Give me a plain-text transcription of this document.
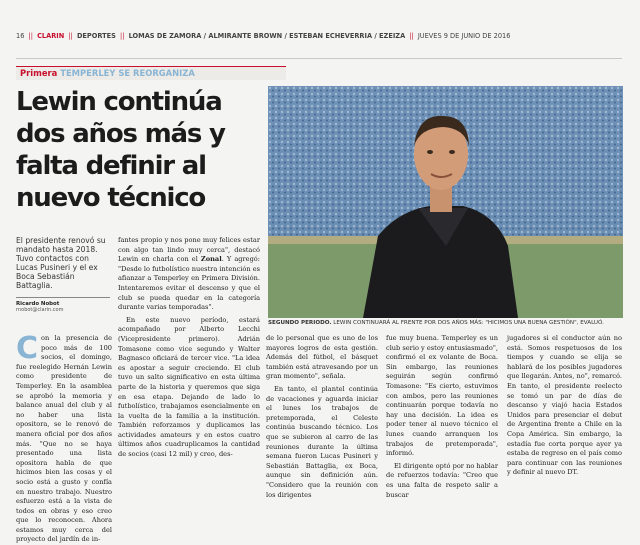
16 || CLARIN || DEPORTES || LOMAS DE ZAMORA / ALMIRANTE BROWN / ESTEBAN ECHEVERRIA / EZEIZA || JUEVES 9 DE JUNIO DE 2016
Primera TEMPERLEY SE REORGANIZA
Lewin continúa dos años más y falta definir al nuevo técnico
SEGUNDO PERIODO. LEWIN CONTINUARÁ AL FRENTE POR DOS AÑOS MÁS: "HICIMOS UNA BUENA GESTIÓN", EVALUÓ.
El presidente renovó su mandato hasta 2018. Tuvo contactos con Lucas Pusineri y el ex Boca Sebastián Battaglia.
Ricardo Nobot
rnobot@clarin.com
C on la presencia de poco más de 100 socios, el domingo, fue reelegido Hernán Lewin como presidente de Temperley. En la asamblea se aprobó la memoria y balance anual del club y al no haber una lista opositora, se le renovó de manera oficial por dos años más. "Que no se haya presentado una lista opositora habla de que hicimos bien las cosas y el socio está a gusto y confía en nuestro trabajo. Nuestro esfuerzo está a la vista de todos en obras y eso creo que lo reconocen. Ahora estamos muy cerca del proyecto del jardín de in-

fantes propio y nos pone muy felices estar con algo tan lindo muy cerca", destacó Lewin en charla con el Zonal. Y agregó: "Desde lo futbolístico nuestra intención es afianzar a Temperley en Primera División. Intentaremos evitar el descenso y que el club se pueda quedar en la categoría durante varias temporadas".

En este nuevo período, estará acompañado por Alberto Lecchi (Vicepresidente primero). Adrián Tomasone como vice segundo y Walter Bagnasco oficiará de tercer vice. "La idea es apostar a seguir creciendo. El club tuvo un salto significativo en esta última parte de la historia y queremos que siga en esa etapa. Dejando de lado lo futbolístico, trabajamos esencialmente en la vuelta de la familia a la institución. También reforzamos y duplicamos las actividades amateurs y en estos cuatro últimos años cuadruplicamos la cantidad de socios (casi 12 mil) y creo, des-

de lo personal que es uno de los mayores logros de esta gestión. Además del fútbol, el básquet también está atravesando por un gran momento", señala.

En tanto, el plantel continúa de vacaciones y aguarda iniciar el lunes los trabajos de pretemporada, el Celeste continúa buscando técnico. Los que se subieron al carro de las reuniones durante la última semana fueron Lucas Pusineri y Sebastián Battaglia, ex Boca, aunque sin definición aún. "Considero que la reunión con los dirigentes

fue muy buena. Temperley es un club serio y estoy entusiasmado", confirmó el ex volante de Boca. Sin embargo, las reuniones seguirán según confirmó Tomasone: "Es cierto, estuvimos con ambos, pero las reuniones continuarán porque todavía no hay una decisión. La idea es poder tener al nuevo técnico el lunes cuando arranquen los trabajos de pretemporada", informó.

El dirigente optó por no hablar de refuerzos todavía: "Creo que es una falta de respeto salir a buscar

jugadores si el conductor aún no está. Somos respetuosos de los tiempos y cuando se elija se hablará de los posibles jugadores que llegarán. Antes, no", remarcó. En tanto, el presidente reelecto se tomó un par de días de descanso y viajó hacia Estados Unidos para presenciar el debut de Argentina frente a Chile en la Copa América. Sin embargo, la estadía fue corta porque ayer ya estaba de regreso en el país como para continuar con las reuniones y definir al nuevo DT.
